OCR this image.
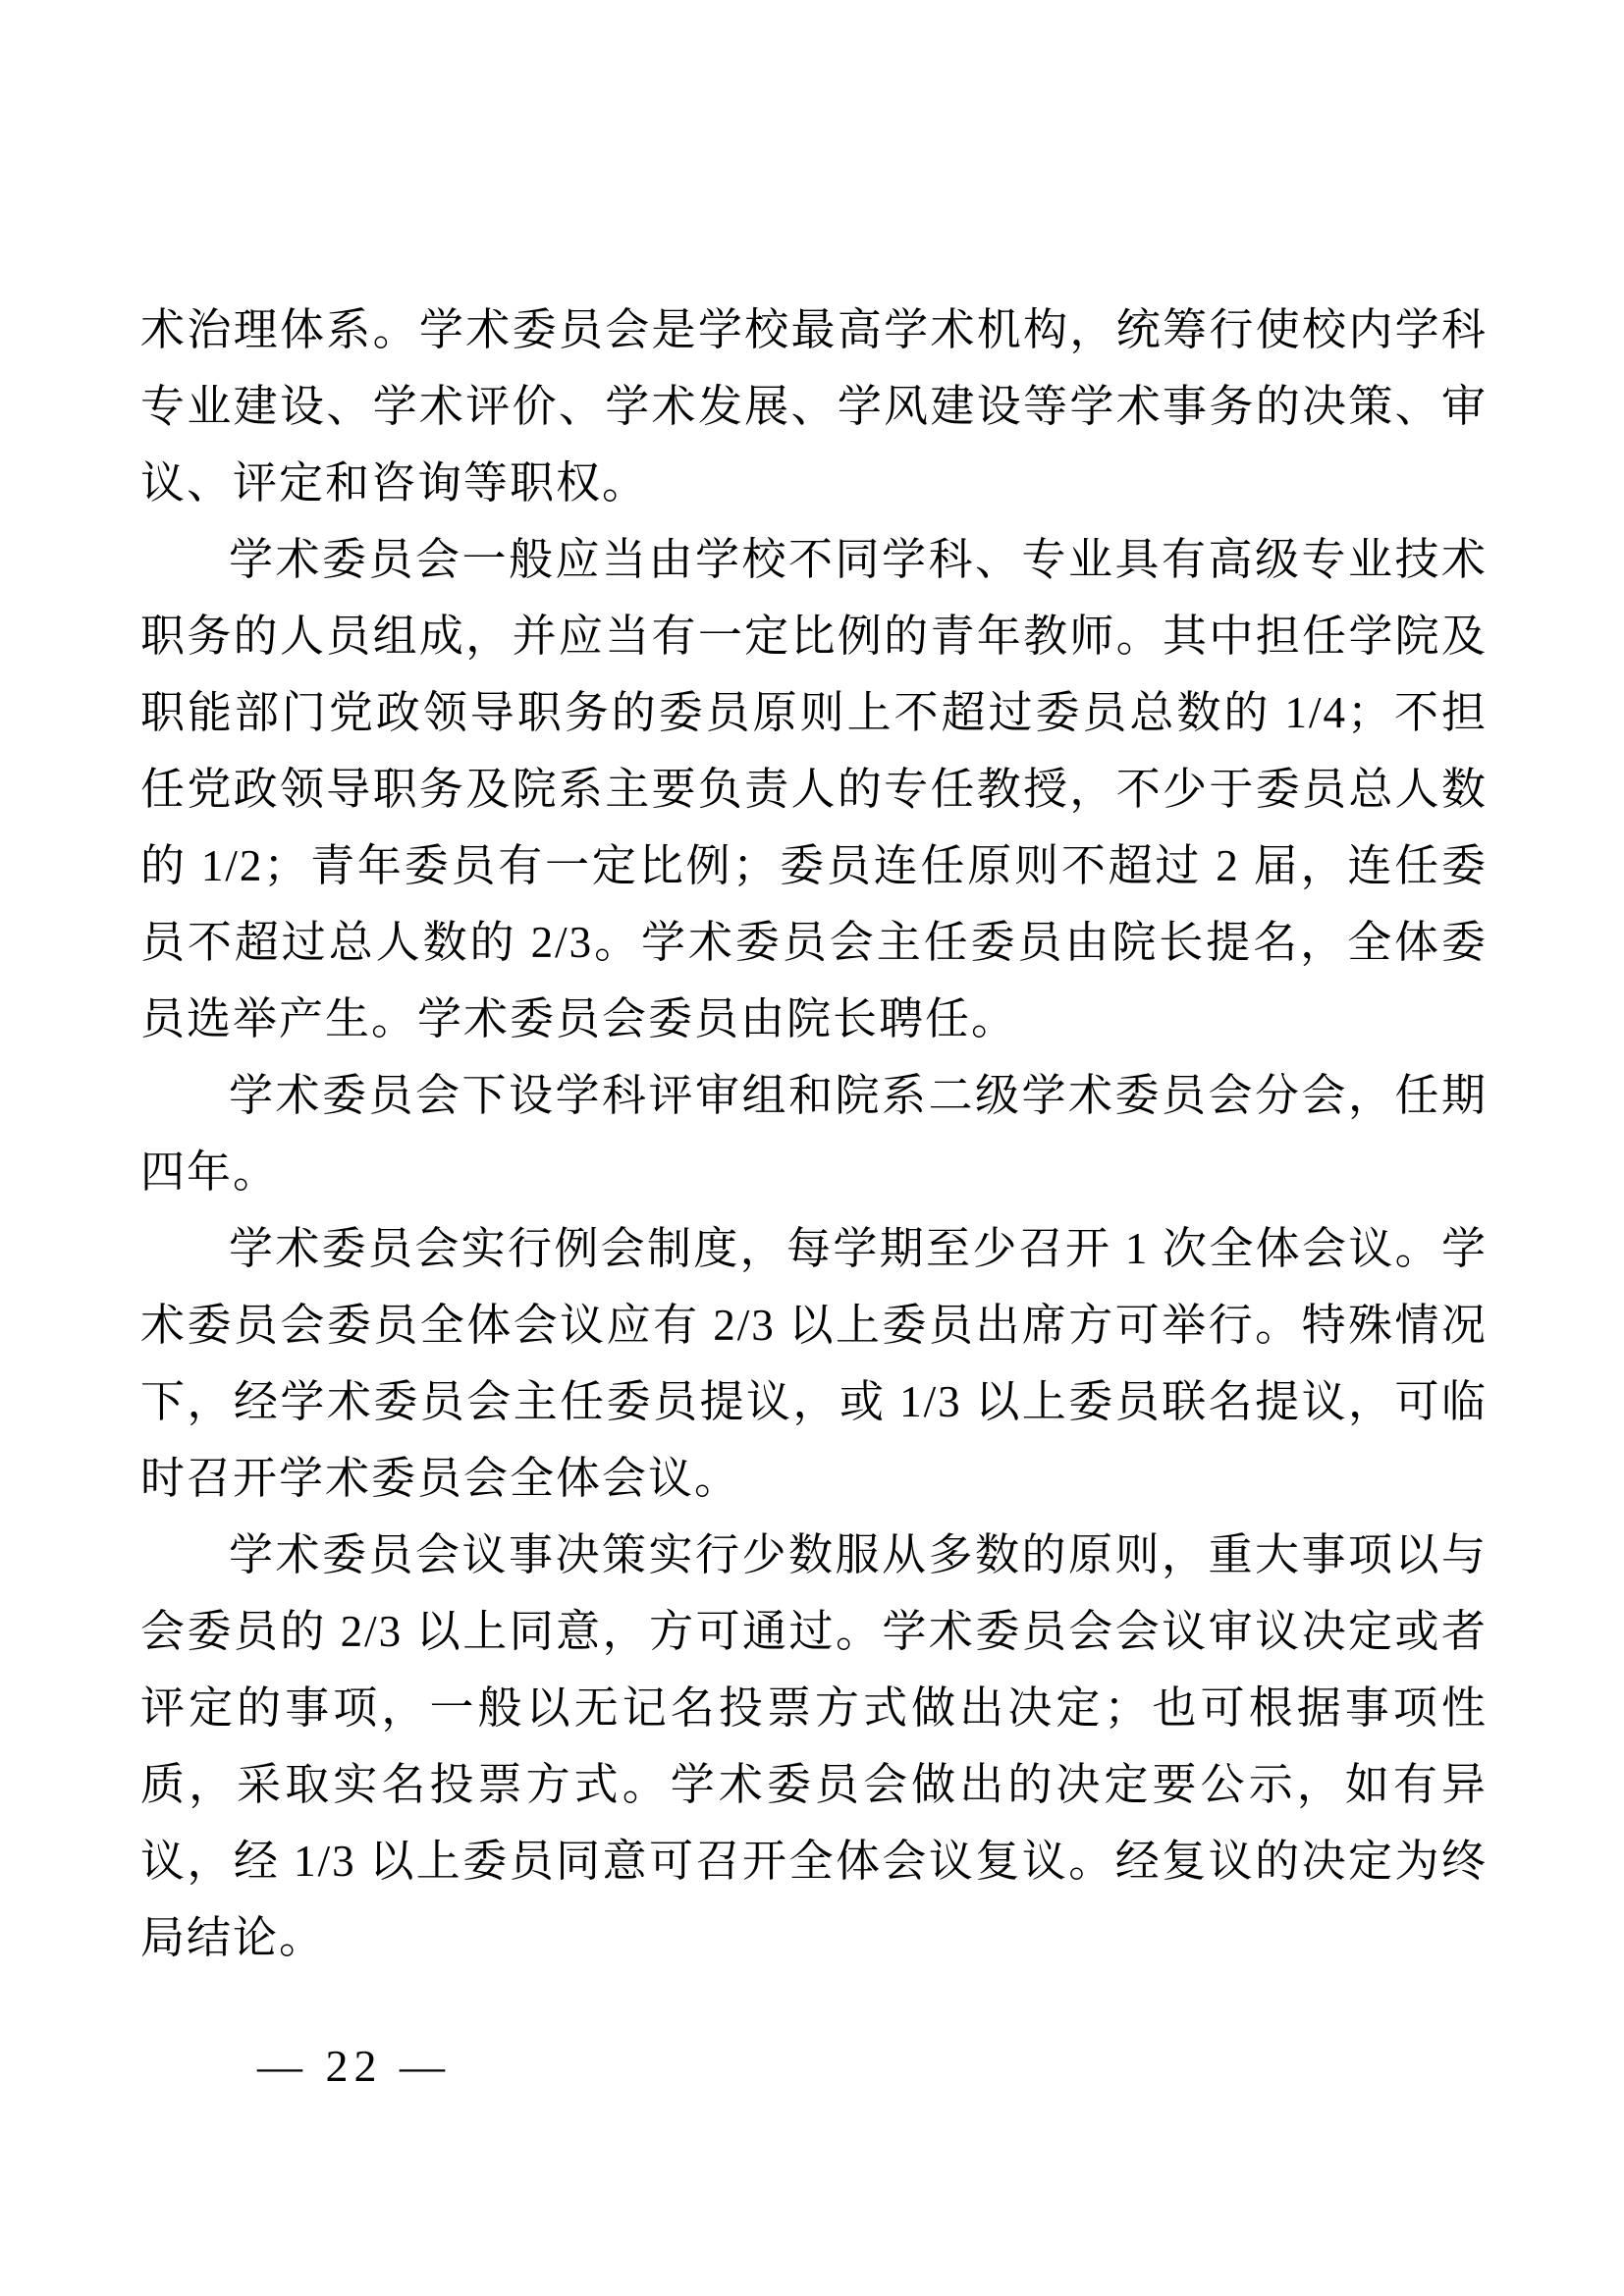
术治理体系。学术委员会是学校最高学术机构，统筹行使校内学科专业建设、学术评价、学术发展、学风建设等学术事务的决策、审议、评定和咨询等职权。

学术委员会一般应当由学校不同学科、专业具有高级专业技术职务的人员组成，并应当有一定比例的青年教师。其中担任学院及职能部门党政领导职务的委员原则上不超过委员总数的 1/4；不担任党政领导职务及院系主要负责人的专任教授，不少于委员总人数的 1/2；青年委员有一定比例；委员连任原则不超过 2 届，连任委员不超过总人数的 2/3。学术委员会主任委员由院长提名，全体委员选举产生。学术委员会委员由院长聘任。

学术委员会下设学科评审组和院系二级学术委员会分会，任期四年。

学术委员会实行例会制度，每学期至少召开 1 次全体会议。学术委员会委员全体会议应有 2/3 以上委员出席方可举行。特殊情况下，经学术委员会主任委员提议，或 1/3 以上委员联名提议，可临时召开学术委员会全体会议。

学术委员会议事决策实行少数服从多数的原则，重大事项以与会委员的 2/3 以上同意，方可通过。学术委员会会议审议决定或者评定的事项，一般以无记名投票方式做出决定；也可根据事项性质，采取实名投票方式。学术委员会做出的决定要公示，如有异议，经 1/3 以上委员同意可召开全体会议复议。经复议的决定为终局结论。

— 22 —
